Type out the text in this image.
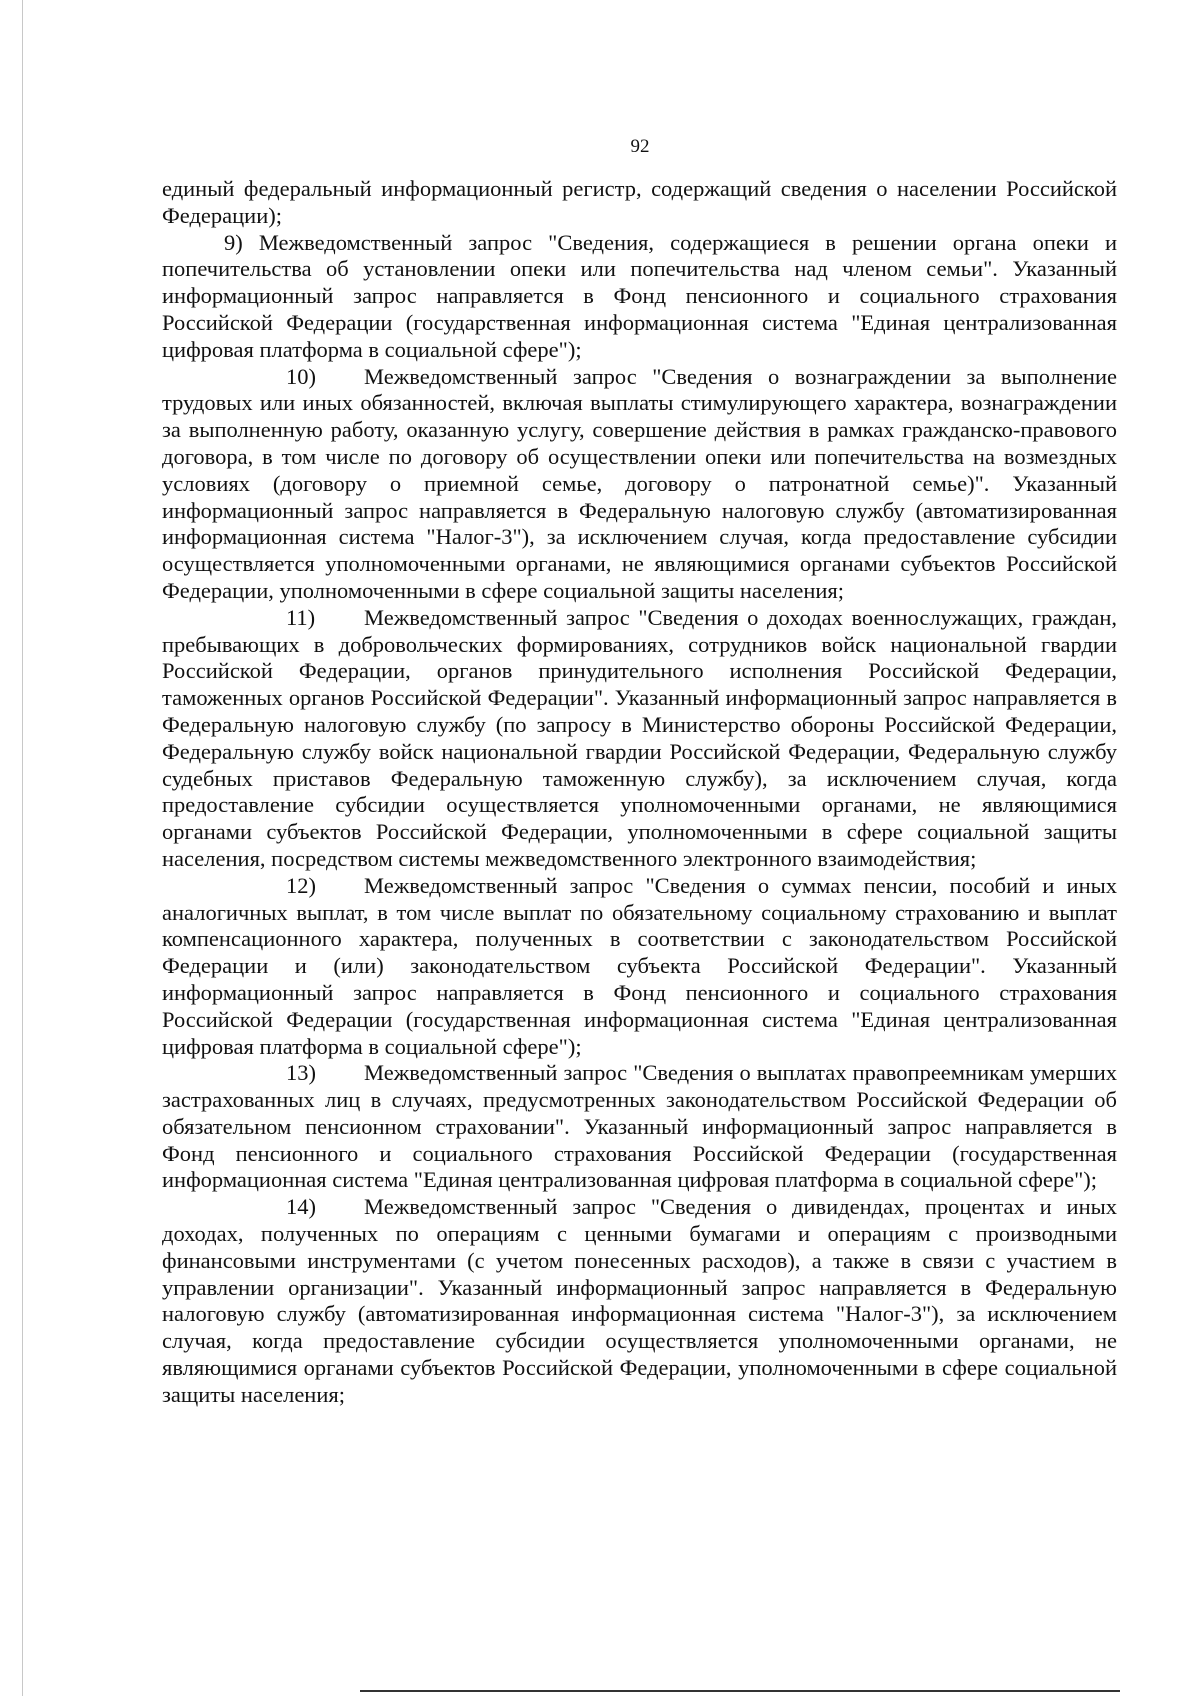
92

единый федеральный информационный регистр, содержащий сведения о населении Российской Федерации);

9) Межведомственный запрос "Сведения, содержащиеся в решении органа опеки и попечительства об установлении опеки или попечительства над членом семьи". Указанный информационный запрос направляется в Фонд пенсионного и социального страхования Российской Федерации (государственная информационная система "Единая централизованная цифровая платформа в социальной сфере");

10) Межведомственный запрос "Сведения о вознаграждении за выполнение трудовых или иных обязанностей, включая выплаты стимулирующего характера, вознаграждении за выполненную работу, оказанную услугу, совершение действия в рамках гражданско-правового договора, в том числе по договору об осуществлении опеки или попечительства на возмездных условиях (договору о приемной семье, договору о патронатной семье)". Указанный информационный запрос направляется в Федеральную налоговую службу (автоматизированная информационная система "Налог-3"), за исключением случая, когда предоставление субсидии осуществляется уполномоченными органами, не являющимися органами субъектов Российской Федерации, уполномоченными в сфере социальной защиты населения;

11) Межведомственный запрос "Сведения о доходах военнослужащих, граждан, пребывающих в добровольческих формированиях, сотрудников войск национальной гвардии Российской Федерации, органов принудительного исполнения Российской Федерации, таможенных органов Российской Федерации". Указанный информационный запрос направляется в Федеральную налоговую службу (по запросу в Министерство обороны Российской Федерации, Федеральную службу войск национальной гвардии Российской Федерации, Федеральную службу судебных приставов Федеральную таможенную службу), за исключением случая, когда предоставление субсидии осуществляется уполномоченными органами, не являющимися органами субъектов Российской Федерации, уполномоченными в сфере социальной защиты населения, посредством системы межведомственного электронного взаимодействия;

12) Межведомственный запрос "Сведения о суммах пенсии, пособий и иных аналогичных выплат, в том числе выплат по обязательному социальному страхованию и выплат компенсационного характера, полученных в соответствии с законодательством Российской Федерации и (или) законодательством субъекта Российской Федерации". Указанный информационный запрос направляется в Фонд пенсионного и социального страхования Российской Федерации (государственная информационная система "Единая централизованная цифровая платформа в социальной сфере");

13) Межведомственный запрос "Сведения о выплатах правопреемникам умерших застрахованных лиц в случаях, предусмотренных законодательством Российской Федерации об обязательном пенсионном страховании". Указанный информационный запрос направляется в Фонд пенсионного и социального страхования Российской Федерации (государственная информационная система "Единая централизованная цифровая платформа в социальной сфере");

14) Межведомственный запрос "Сведения о дивидендах, процентах и иных доходах, полученных по операциям с ценными бумагами и операциям с производными финансовыми инструментами (с учетом понесенных расходов), а также в связи с участием в управлении организации". Указанный информационный запрос направляется в Федеральную налоговую службу (автоматизированная информационная система "Налог-3"), за исключением случая, когда предоставление субсидии осуществляется уполномоченными органами, не являющимися органами субъектов Российской Федерации, уполномоченными в сфере социальной защиты населения;
